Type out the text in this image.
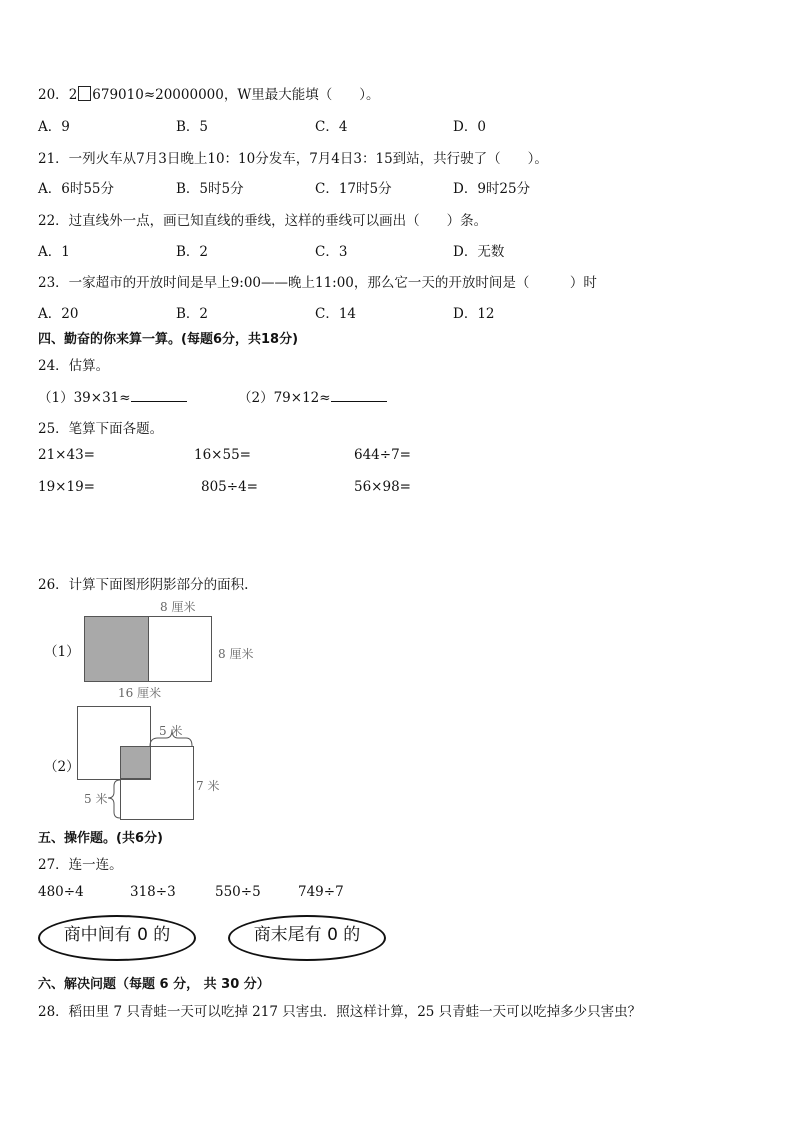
20．2 679010≈20000000，W里最大能填（　　）。
A．9	B．5	C．4	D．0
21．一列火车从7月3日晚上10：10分发车，7月4日3：15到站，共行驶了（　　）。
A．6时55分	B．5时5分	C．17时5分	D．9时25分
22．过直线外一点，画已知直线的垂线，这样的垂线可以画出（　　）条。
A．1	B．2	C．3	D．无数
23．一家超市的开放时间是早上9:00——晚上11:00，那么它一天的开放时间是（　　　）时
A．20	B．2	C．14	D．12
四、勤奋的你来算一算。(每题6分，共18分)
24．估算。
（1）39×31≈	（2）79×12≈
25．笔算下面各题。
21×43=	16×55=	644÷7=
19×19=	805÷4=	56×98=
26．计算下面图形阴影部分的面积.
（1）
8 厘米
8 厘米
16 厘米
（2）
5 米
7 米
5 米
五、操作题。(共6分)
27．连一连。
480÷4	318÷3	550÷5	749÷7
商中间有 0 的	商末尾有 0 的
六、解决问题（每题 6 分， 共 30 分）
28．稻田里 7 只青蛙一天可以吃掉 217 只害虫．照这样计算，25 只青蛙一天可以吃掉多少只害虫？
